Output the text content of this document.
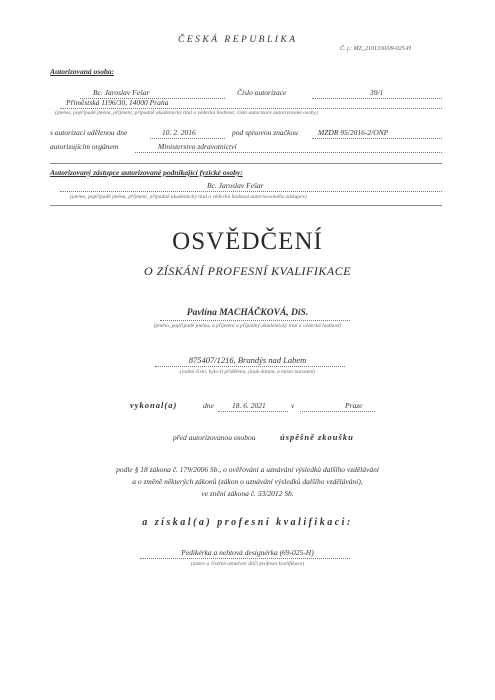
ČESKÁ REPUBLIKA
Č. j.: MZ_2101330/09-025-H
Autorizovaná osoba:
Bc. Jaroslav Fešar	Číslo autorizace	39/1
Příměstská 1196/30, 14000 Praha
(jméno, popřípadě jména, příjmení, případně akademický titul a vědecká hodnost, číslo autorizace autorizované osoby)
s autorizací udělenou dne	10. 2. 2016	pod spisovou značkou	MZDR 95/2016-2/ONP
autorizujícím orgánem	Ministerstvo zdravotnictví
Autorizovaný zástupce autorizované podnikající fyzické osoby:
Bc. Jaroslav Fešar
(jméno, popřípadě jména, příjmení, případně akademický titul a vědecká hodnost autorizovaného zástupce)
OSVĚDČENÍ
O ZÍSKÁNÍ PROFESNÍ KVALIFIKACE
Pavlína MACHÁČKOVÁ, DiS.
(jméno, popřípadě jména, a příjmení a případný akademický titul a vědecká hodnost)
875407/1216, Brandýs nad Labem
(rodné číslo, bylo-li přiděleno, jinak datum, a místo narození)
vykonal(a)	dne 18. 6. 2021	v	Praze
před autorizovanou osobou	úspěšně zkoušku
podle § 18 zákona č. 179/2006 Sb., o ověřování a uznávání výsledků dalšího vzdělávání
a o změně některých zákonů (zákon o uznávání výsledků dalšího vzdělávání),
ve znění zákona č. 53/2012 Sb.
a získal(a) profesní kvalifikaci:
Pedikérka a nehtová designérka (69-025-H)
(název a číselné označení dílčí profesní kvalifikace)
